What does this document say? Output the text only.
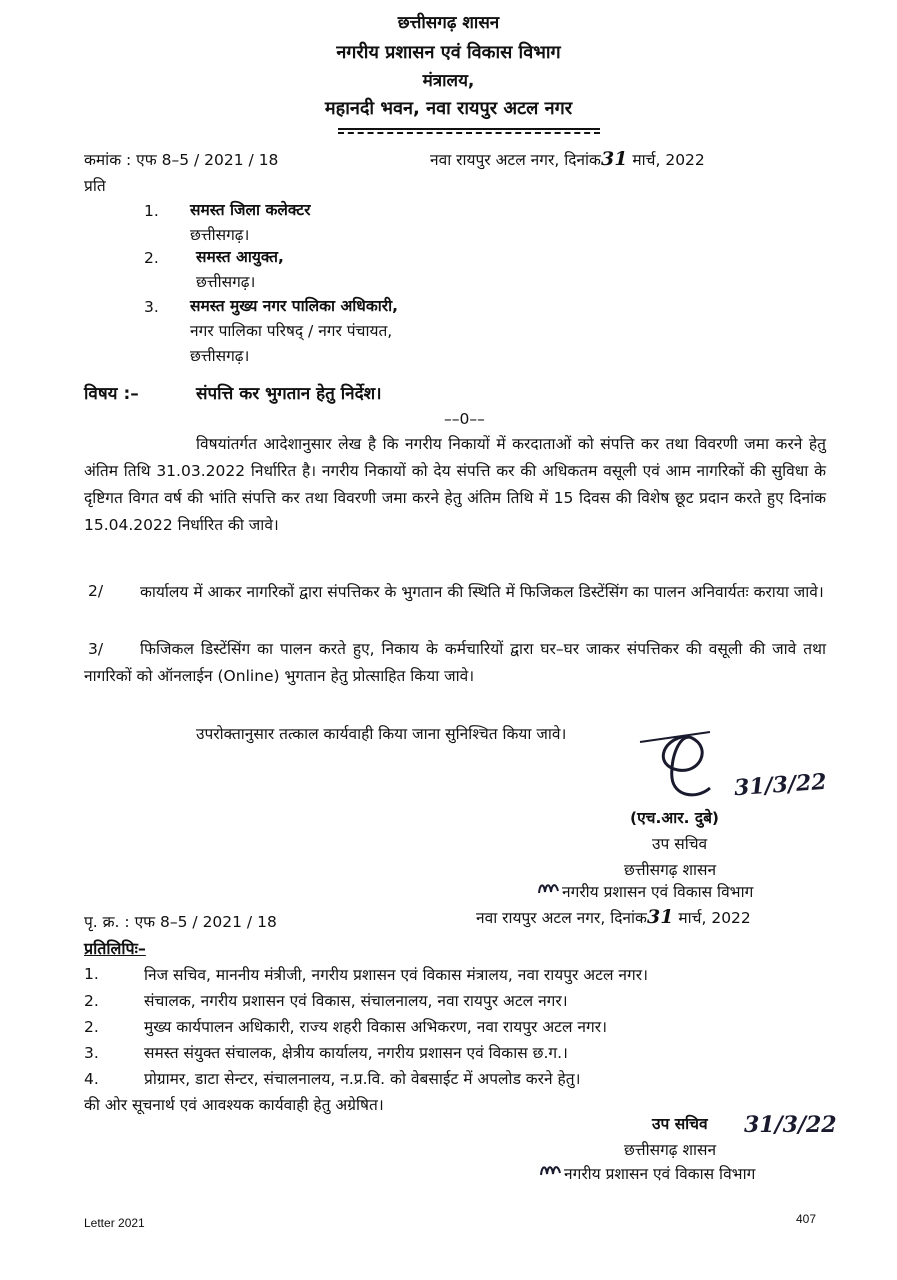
छत्तीसगढ़ शासन
नगरीय प्रशासन एवं विकास विभाग
मंत्रालय,
महानदी भवन, नवा रायपुर अटल नगर
कमांक : एफ 8–5 / 2021 / 18	नवा रायपुर अटल नगर, दिनांक31 मार्च, 2022
प्रति
1. समस्त जिला कलेक्टर
छत्तीसगढ़।
2. समस्त आयुक्त,
छत्तीसगढ़।
3. समस्त मुख्य नगर पालिका अधिकारी,
नगर पालिका परिषद् / नगर पंचायत,
छत्तीसगढ़।
विषय :–	संपत्ति कर भुगतान हेतु निर्देश।
––0––
विषयांतर्गत आदेशानुसार लेख है कि नगरीय निकायों में करदाताओं को संपत्ति कर तथा विवरणी जमा करने हेतु अंतिम तिथि 31.03.2022 निर्धारित है। नगरीय निकायों को देय संपत्ति कर की अधिकतम वसूली एवं आम नागरिकों की सुविधा के दृष्टिगत विगत वर्ष की भांति संपत्ति कर तथा विवरणी जमा करने हेतु अंतिम तिथि में 15 दिवस की विशेष छूट प्रदान करते हुए दिनांक 15.04.2022 निर्धारित की जावे।
2/	कार्यालय में आकर नागरिकों द्वारा संपत्तिकर के भुगतान की स्थिति में फिजिकल डिस्टेंसिंग का पालन अनिवार्यतः कराया जावे।
3/	फिजिकल डिस्टेंसिंग का पालन करते हुए, निकाय के कर्मचारियों द्वारा घर–घर जाकर संपत्तिकर की वसूली की जावे तथा नागरिकों को ऑनलाईन (Online) भुगतान हेतु प्रोत्साहित किया जावे।
उपरोक्तानुसार तत्काल कार्यवाही किया जाना सुनिश्चित किया जावे।
31/3/22
(एच.आर. दुबे)
उप सचिव
छत्तीसगढ़ शासन
नगरीय प्रशासन एवं विकास विभाग
नवा रायपुर अटल नगर, दिनांक31 मार्च, 2022
पृ. क्र. : एफ 8–5 / 2021 / 18
प्रतिलिपिः–
1.	निज सचिव, माननीय मंत्रीजी, नगरीय प्रशासन एवं विकास मंत्रालय, नवा रायपुर अटल नगर।
2.	संचालक, नगरीय प्रशासन एवं विकास, संचालनालय, नवा रायपुर अटल नगर।
2.	मुख्य कार्यपालन अधिकारी, राज्य शहरी विकास अभिकरण, नवा रायपुर अटल नगर।
3.	समस्त संयुक्त संचालक, क्षेत्रीय कार्यालय, नगरीय प्रशासन एवं विकास छ.ग.।
4.	प्रोग्रामर, डाटा सेन्टर, संचालनालय, न.प्र.वि. को वेबसाईट में अपलोड करने हेतु।
की ओर सूचनार्थ एवं आवश्यक कार्यवाही हेतु अग्रेषित।
उप सचिव 31/3/22
छत्तीसगढ़ शासन
नगरीय प्रशासन एवं विकास विभाग
Letter 2021	407
